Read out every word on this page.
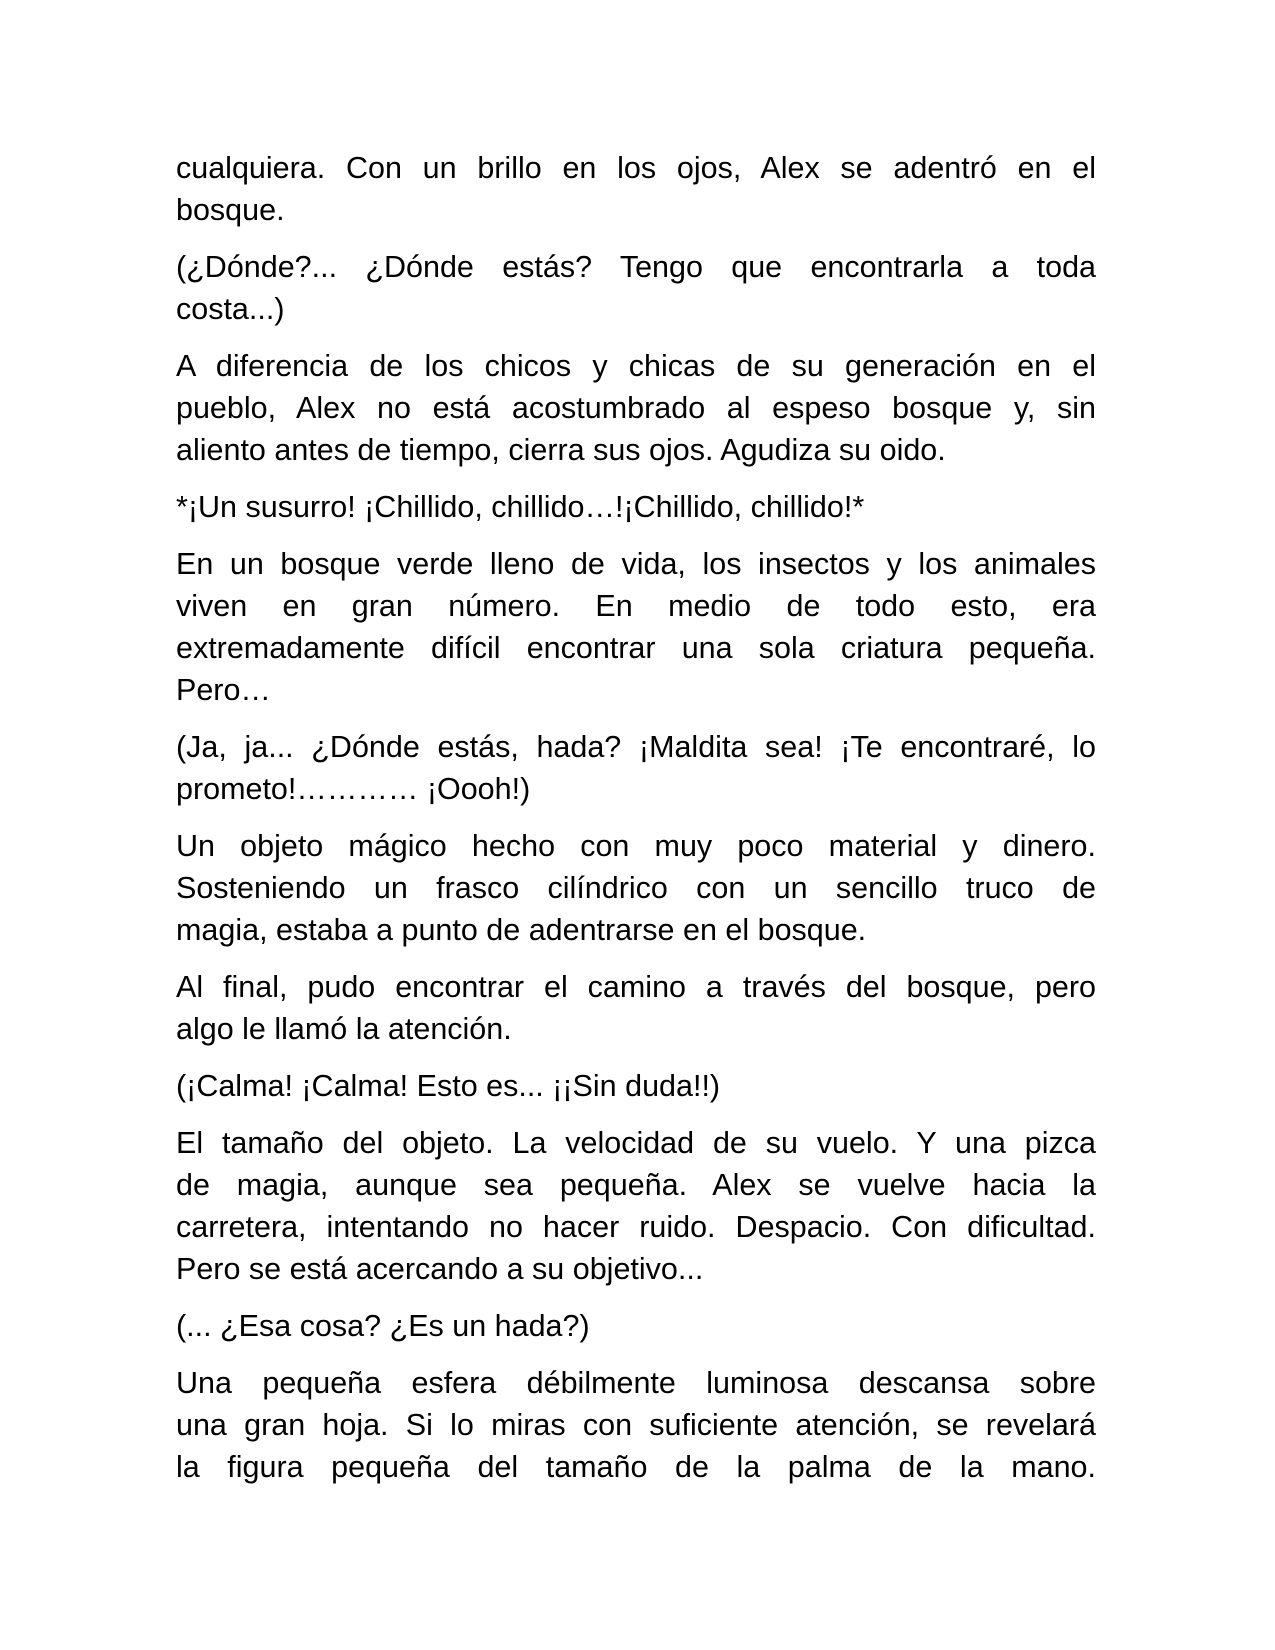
cualquiera. Con un brillo en los ojos, Alex se adentró en el
bosque.

(¿Dónde?... ¿Dónde estás? Tengo que encontrarla a toda
costa...)

A diferencia de los chicos y chicas de su generación en el
pueblo, Alex no está acostumbrado al espeso bosque y, sin
aliento antes de tiempo, cierra sus ojos. Agudiza su oido.

*¡Un susurro! ¡Chillido, chillido…!¡Chillido, chillido!*

En un bosque verde lleno de vida, los insectos y los animales
viven en gran número. En medio de todo esto, era
extremadamente difícil encontrar una sola criatura pequeña.
Pero…

(Ja, ja... ¿Dónde estás, hada? ¡Maldita sea! ¡Te encontraré, lo
prometo!………… ¡Oooh!)

Un objeto mágico hecho con muy poco material y dinero.
Sosteniendo un frasco cilíndrico con un sencillo truco de
magia, estaba a punto de adentrarse en el bosque.

Al final, pudo encontrar el camino a través del bosque, pero
algo le llamó la atención.

(¡Calma! ¡Calma! Esto es... ¡¡Sin duda!!)

El tamaño del objeto. La velocidad de su vuelo. Y una pizca
de magia, aunque sea pequeña. Alex se vuelve hacia la
carretera, intentando no hacer ruido. Despacio. Con dificultad.
Pero se está acercando a su objetivo...

(... ¿Esa cosa? ¿Es un hada?)

Una pequeña esfera débilmente luminosa descansa sobre
una gran hoja. Si lo miras con suficiente atención, se revelará
la figura pequeña del tamaño de la palma de la mano.
